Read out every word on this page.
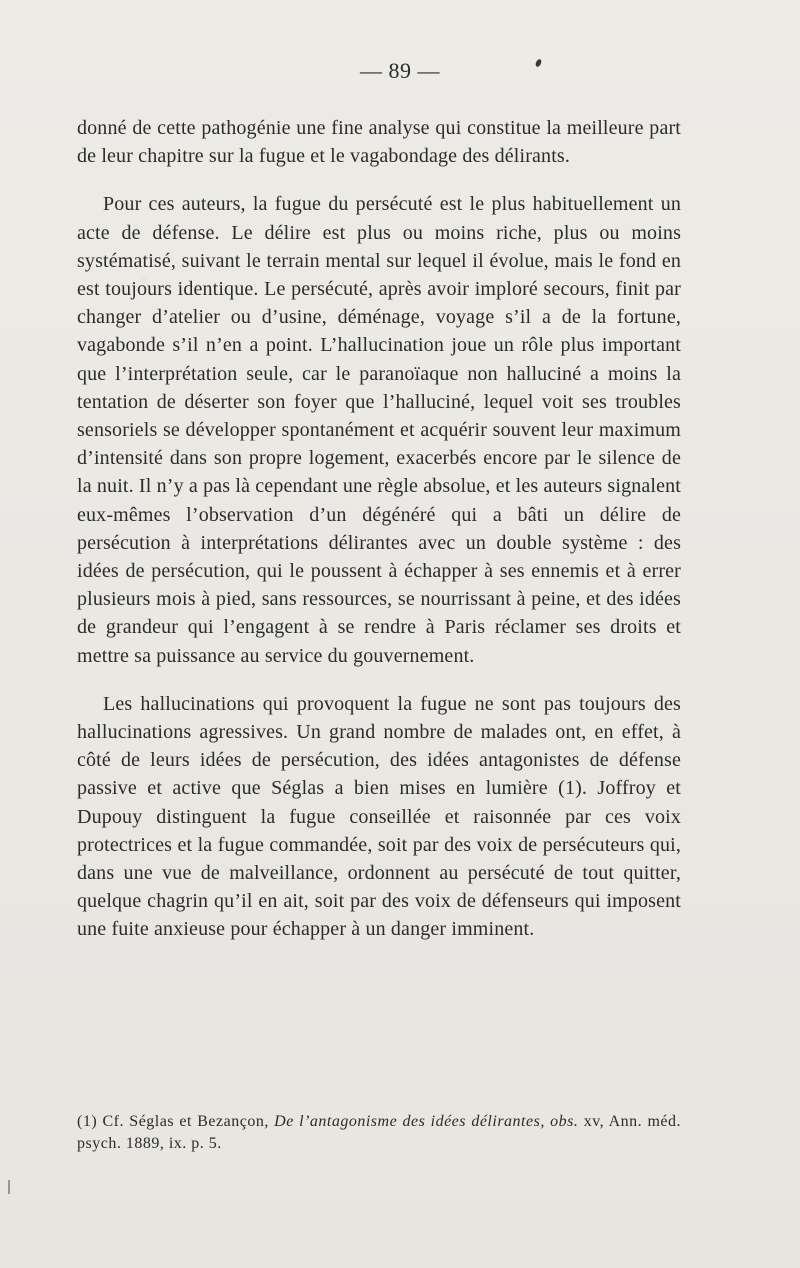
— 89 —

donné de cette pathogénie une fine analyse qui constitue la meilleure part de leur chapitre sur la fugue et le vagabondage des délirants.

Pour ces auteurs, la fugue du persécuté est le plus habituellement un acte de défense. Le délire est plus ou moins riche, plus ou moins systématisé, suivant le terrain mental sur lequel il évolue, mais le fond en est toujours identique. Le persécuté, après avoir imploré secours, finit par changer d’atelier ou d’usine, déménage, voyage s’il a de la fortune, vagabonde s’il n’en a point. L’hallucination joue un rôle plus important que l’interprétation seule, car le paranoïaque non halluciné a moins la tentation de déserter son foyer que l’halluciné, lequel voit ses troubles sensoriels se développer spontanément et acquérir souvent leur maximum d’intensité dans son propre logement, exacerbés encore par le silence de la nuit. Il n’y a pas là cependant une règle absolue, et les auteurs signalent eux-mêmes l’observation d’un dégénéré qui a bâti un délire de persécution à interprétations délirantes avec un double système : des idées de persécution, qui le poussent à échapper à ses ennemis et à errer plusieurs mois à pied, sans ressources, se nourrissant à peine, et des idées de grandeur qui l’engagent à se rendre à Paris réclamer ses droits et mettre sa puissance au service du gouvernement.

Les hallucinations qui provoquent la fugue ne sont pas toujours des hallucinations agressives. Un grand nombre de malades ont, en effet, à côté de leurs idées de persécution, des idées antagonistes de défense passive et active que Séglas a bien mises en lumière (1). Joffroy et Dupouy distinguent la fugue conseillée et raisonnée par ces voix protectrices et la fugue commandée, soit par des voix de persécuteurs qui, dans une vue de malveillance, ordonnent au persécuté de tout quitter, quelque chagrin qu’il en ait, soit par des voix de défenseurs qui imposent une fuite anxieuse pour échapper à un danger imminent.

(1) Cf. Séglas et Bezançon, De l’antagonisme des idées délirantes, obs. xv, Ann. méd. psych. 1889, ix. p. 5.
